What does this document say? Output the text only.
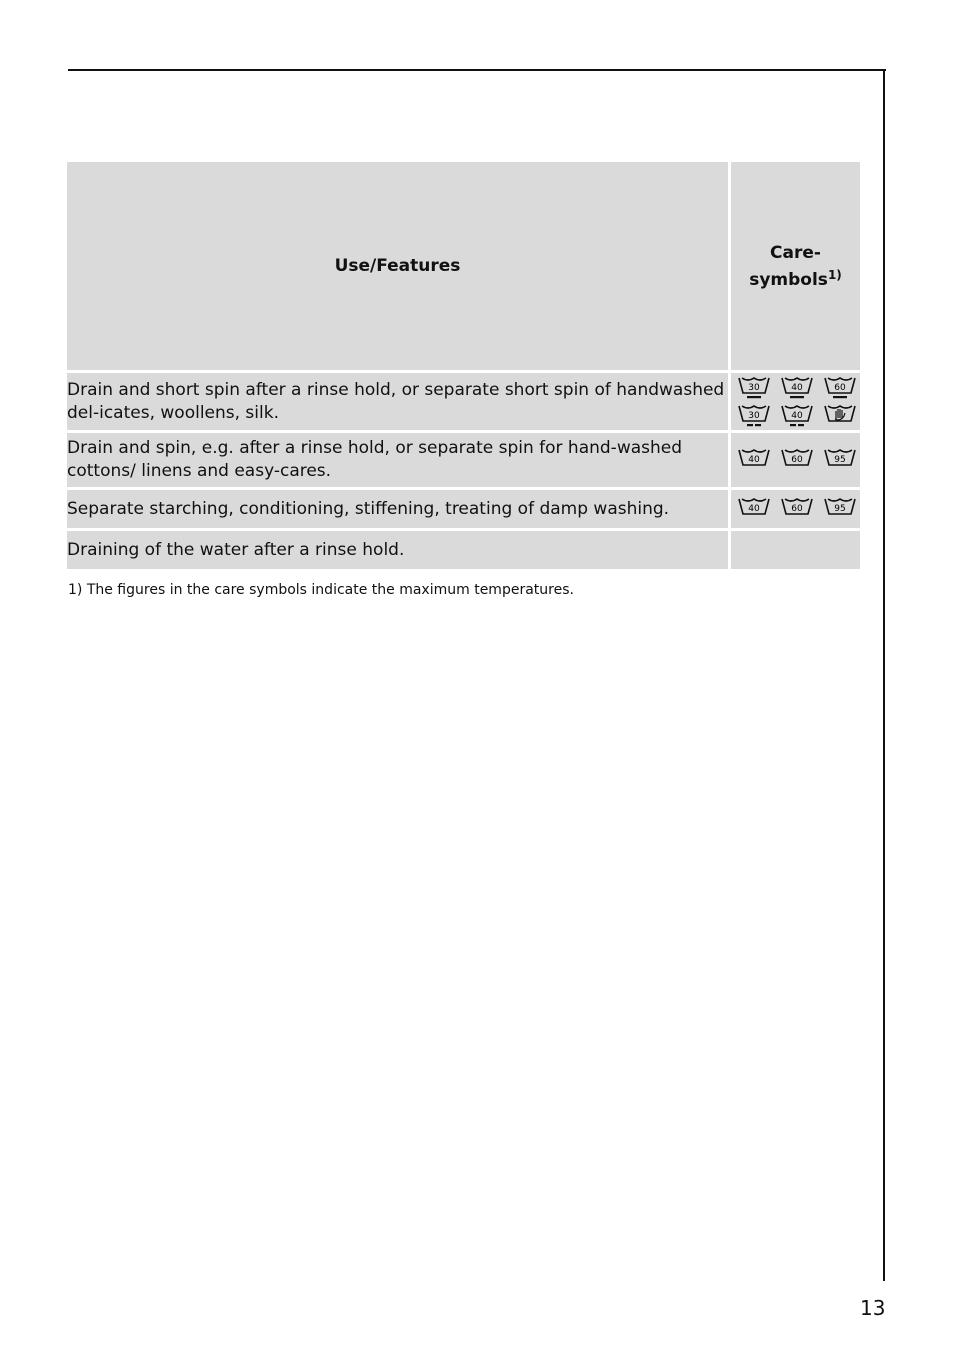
Use/Features	Care-
symbols$^{1)}$
Drain and short spin after a rinse hold, or separate short spin of handwashed del-icates, woollens, silk.	30 40 60
30 40

Drain and spin, e.g. after a rinse hold, or separate spin for hand-washed cottons/ linens and easy-cares.	40 60 95

Separate starching, conditioning, stiffening, treating of damp washing.	40 60 95

Draining of the water after a rinse hold.	
1) The figures in the care symbols indicate the maximum temperatures.
13
